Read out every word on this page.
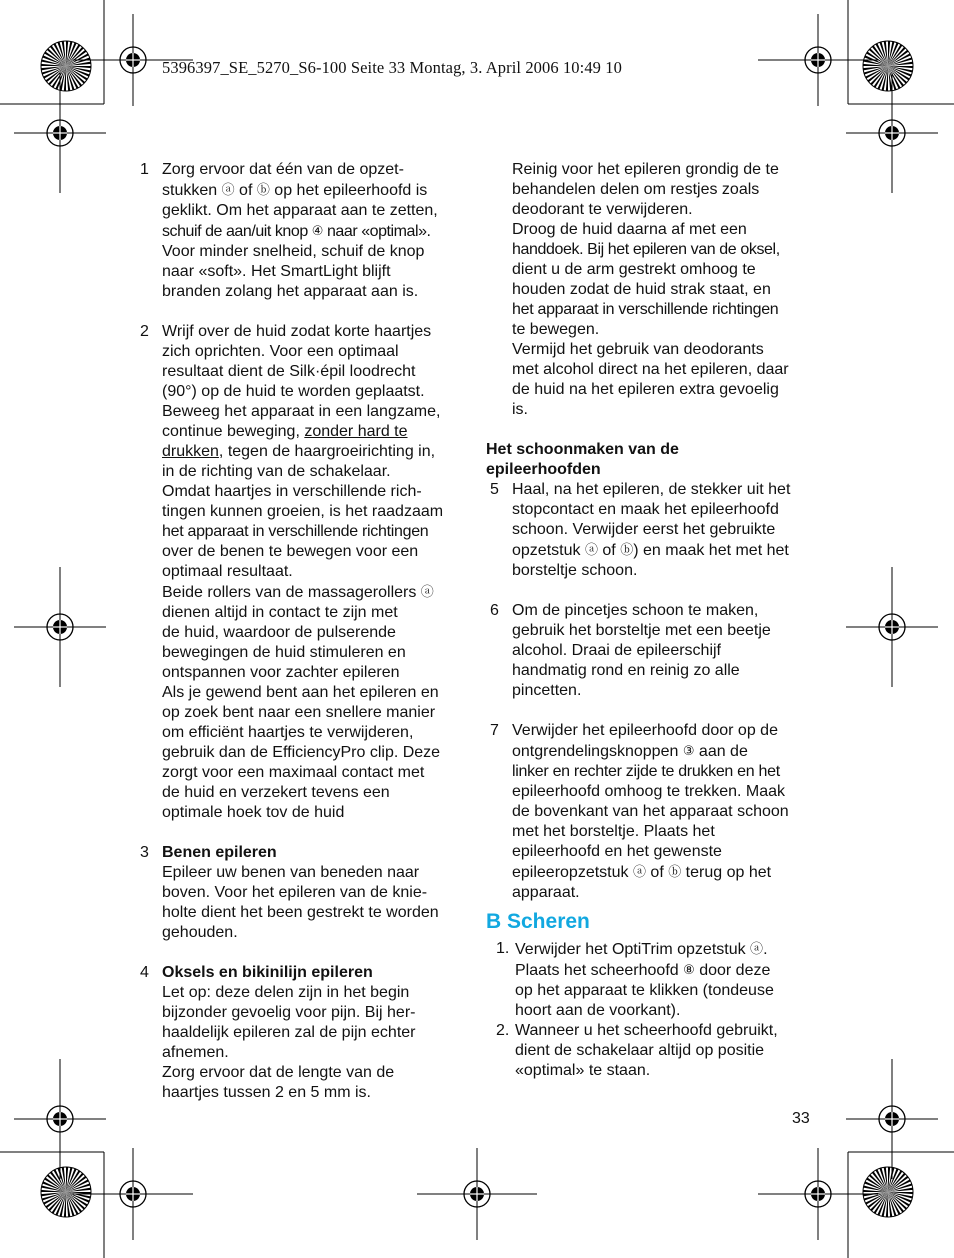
5396397_SE_5270_S6-100 Seite 33 Montag, 3. April 2006 10:49 10
1 Zorg ervoor dat één van de opzet-
stukken ⓐ of ⓑ op het epileerhoofd is
geklikt. Om het apparaat aan te zetten,
schuif de aan/uit knop ④ naar «optimal».
Voor minder snelheid, schuif de knop
naar «soft». Het SmartLight blijft
branden zolang het apparaat aan is.
2 Wrijf over de huid zodat korte haartjes
zich oprichten. Voor een optimaal
resultaat dient de Silk·épil loodrecht
(90°) op de huid te worden geplaatst.
Beweeg het apparaat in een langzame,
continue beweging, zonder hard te
drukken, tegen de haargroeirichting in,
in de richting van de schakelaar.
Omdat haartjes in verschillende rich-
tingen kunnen groeien, is het raadzaam
het apparaat in verschillende richtingen
over de benen te bewegen voor een
optimaal resultaat.
Beide rollers van de massagerollers ⓐ
dienen altijd in contact te zijn met
de huid, waardoor de pulserende
bewegingen de huid stimuleren en
ontspannen voor zachter epileren
Als je gewend bent aan het epileren en
op zoek bent naar een snellere manier
om efficiënt haartjes te verwijderen,
gebruik dan de EfficiencyPro clip. Deze
zorgt voor een maximaal contact met
de huid en verzekert tevens een
optimale hoek tov de huid
3 Benen epileren
Epileer uw benen van beneden naar
boven. Voor het epileren van de knie-
holte dient het been gestrekt te worden
gehouden.
4 Oksels en bikinilijn epileren
Let op: deze delen zijn in het begin
bijzonder gevoelig voor pijn. Bij her-
haaldelijk epileren zal de pijn echter
afnemen.
Zorg ervoor dat de lengte van de
haartjes tussen 2 en 5 mm is.
Reinig voor het epileren grondig de te
behandelen delen om restjes zoals
deodorant te verwijderen.
Droog de huid daarna af met een
handdoek. Bij het epileren van de oksel,
dient u de arm gestrekt omhoog te
houden zodat de huid strak staat, en
het apparaat in verschillende richtingen
te bewegen.
Vermijd het gebruik van deodorants
met alcohol direct na het epileren, daar
de huid na het epileren extra gevoelig
is.
Het schoonmaken van de
epileerhoofden
5 Haal, na het epileren, de stekker uit het
stopcontact en maak het epileerhoofd
schoon. Verwijder eerst het gebruikte
opzetstuk ⓐ of ⓑ) en maak het met het
borsteltje schoon.
6 Om de pincetjes schoon te maken,
gebruik het borsteltje met een beetje
alcohol. Draai de epileerschijf
handmatig rond en reinig zo alle
pincetten.
7 Verwijder het epileerhoofd door op de
ontgrendelingsknoppen ③ aan de
linker en rechter zijde te drukken en het
epileerhoofd omhoog te trekken. Maak
de bovenkant van het apparaat schoon
met het borsteltje. Plaats het
epileerhoofd en het gewenste
epileeropzetstuk ⓐ of ⓑ terug op het
apparaat.
B Scheren
1. Verwijder het OptiTrim opzetstuk ⓐ.
Plaats het scheerhoofd ⑧ door deze
op het apparaat te klikken (tondeuse
hoort aan de voorkant).
2. Wanneer u het scheerhoofd gebruikt,
dient de schakelaar altijd op positie
«optimal» te staan.
33
